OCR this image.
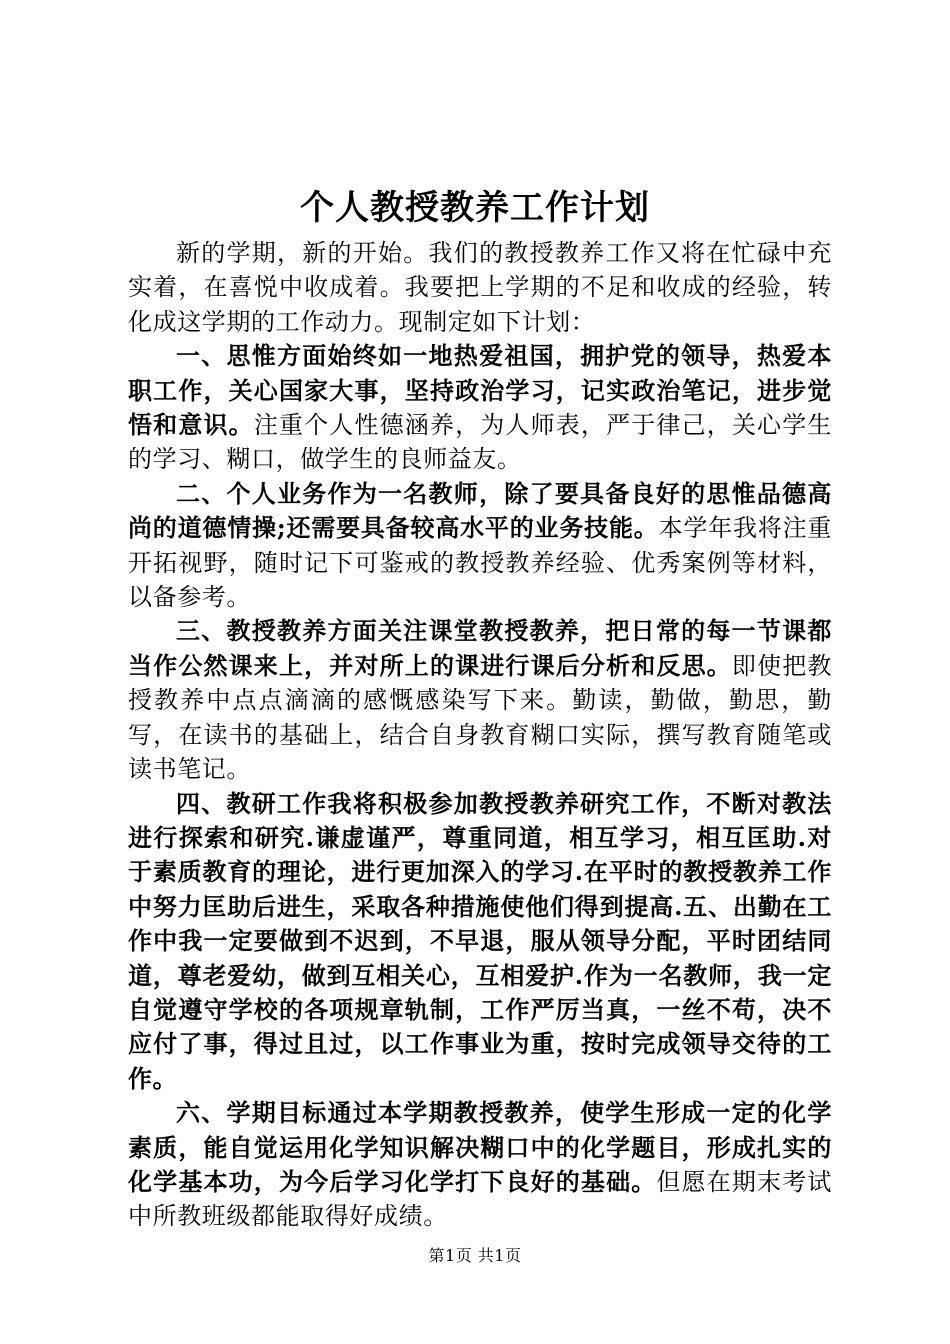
个人教授教养工作计划

新的学期，新的开始。我们的教授教养工作又将在忙碌中充实着，在喜悦中收成着。我要把上学期的不足和收成的经验，转化成这学期的工作动力。现制定如下计划：

一、思惟方面始终如一地热爱祖国，拥护党的领导，热爱本职工作，关心国家大事，坚持政治学习，记实政治笔记，进步觉悟和意识。注重个人性德涵养，为人师表，严于律己，关心学生的学习、糊口，做学生的良师益友。

二、个人业务作为一名教师，除了要具备良好的思惟品德高尚的道德情操;还需要具备较高水平的业务技能。本学年我将注重开拓视野，随时记下可鉴戒的教授教养经验、优秀案例等材料，以备参考。

三、教授教养方面关注课堂教授教养，把日常的每一节课都当作公然课来上，并对所上的课进行课后分析和反思。即使把教授教养中点点滴滴的感慨感染写下来。勤读，勤做，勤思，勤写，在读书的基础上，结合自身教育糊口实际，撰写教育随笔或读书笔记。

四、教研工作我将积极参加教授教养研究工作，不断对教法进行探索和研究.谦虚谨严，尊重同道，相互学习，相互匡助.对于素质教育的理论，进行更加深入的学习.在平时的教授教养工作中努力匡助后进生，采取各种措施使他们得到提高.五、出勤在工作中我一定要做到不迟到，不早退，服从领导分配，平时团结同道，尊老爱幼，做到互相关心，互相爱护.作为一名教师，我一定自觉遵守学校的各项规章轨制，工作严厉当真，一丝不苟，决不应付了事，得过且过，以工作事业为重，按时完成领导交待的工作。

六、学期目标通过本学期教授教养，使学生形成一定的化学素质，能自觉运用化学知识解决糊口中的化学题目，形成扎实的化学基本功，为今后学习化学打下良好的基础。但愿在期末考试中所教班级都能取得好成绩。

第1页 共1页
